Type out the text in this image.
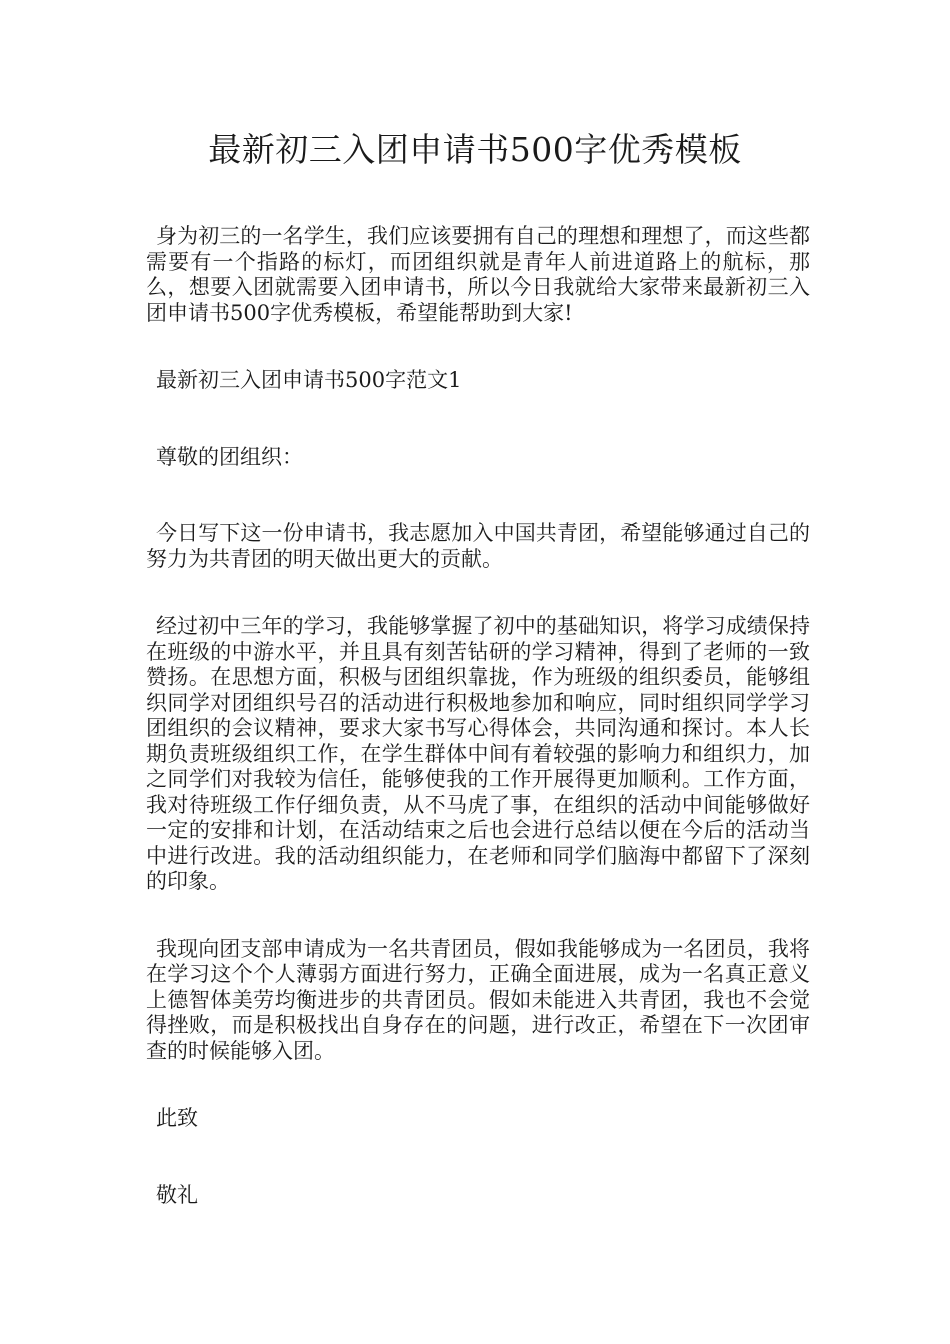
最新初三入团申请书500字优秀模板

身为初三的一名学生，我们应该要拥有自己的理想和理想了，而这些都需要有一个指路的标灯，而团组织就是青年人前进道路上的航标，那么，想要入团就需要入团申请书，所以今日我就给大家带来最新初三入团申请书500字优秀模板，希望能帮助到大家!

最新初三入团申请书500字范文1

尊敬的团组织：

今日写下这一份申请书，我志愿加入中国共青团，希望能够通过自己的努力为共青团的明天做出更大的贡献。

经过初中三年的学习，我能够掌握了初中的基础知识，将学习成绩保持在班级的中游水平，并且具有刻苦钻研的学习精神，得到了老师的一致赞扬。在思想方面，积极与团组织靠拢，作为班级的组织委员，能够组织同学对团组织号召的活动进行积极地参加和响应，同时组织同学学习团组织的会议精神，要求大家书写心得体会，共同沟通和探讨。本人长期负责班级组织工作，在学生群体中间有着较强的影响力和组织力，加之同学们对我较为信任，能够使我的工作开展得更加顺利。工作方面，我对待班级工作仔细负责，从不马虎了事，在组织的活动中间能够做好一定的安排和计划，在活动结束之后也会进行总结以便在今后的活动当中进行改进。我的活动组织能力，在老师和同学们脑海中都留下了深刻的印象。

我现向团支部申请成为一名共青团员，假如我能够成为一名团员，我将在学习这个个人薄弱方面进行努力，正确全面进展，成为一名真正意义上德智体美劳均衡进步的共青团员。假如未能进入共青团，我也不会觉得挫败，而是积极找出自身存在的问题，进行改正，希望在下一次团审查的时候能够入团。

此致

敬礼
